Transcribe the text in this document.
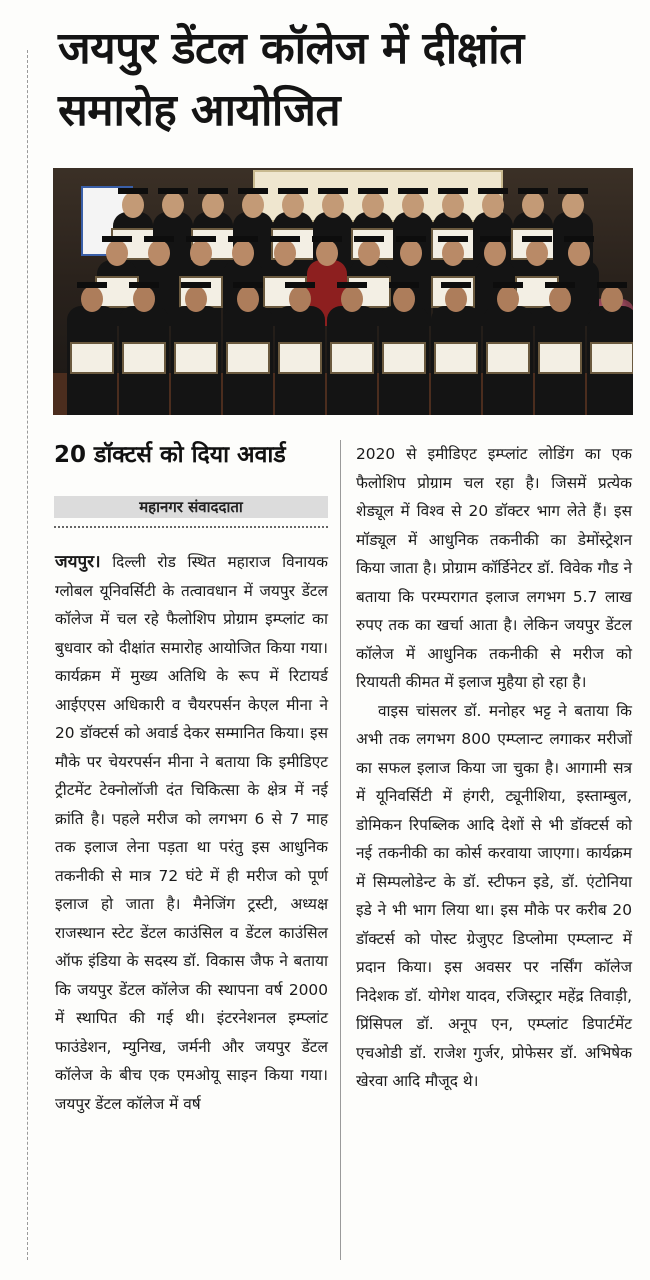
जयपुर डेंटल कॉलेज में दीक्षांत
समारोह आयोजित
20 डॉक्टर्स को दिया अवार्ड
महानगर संवाददाता

जयपुर। दिल्ली रोड स्थित महाराज विनायक ग्लोबल यूनिवर्सिटी के तत्वावधान में जयपुर डेंटल कॉलेज में चल रहे फैलोशिप प्रोग्राम इम्प्लांट का बुधवार को दीक्षांत समारोह आयोजित किया गया। कार्यक्रम में मुख्य अतिथि के रूप में रिटायर्ड आईएएस अधिकारी व चैयरपर्सन केएल मीना ने 20 डॉक्टर्स को अवार्ड देकर सम्मानित किया। इस मौके पर चेयरपर्सन मीना ने बताया कि इमीडिएट ट्रीटमेंट टेक्नोलॉजी दंत चिकित्सा के क्षेत्र में नई क्रांति है। पहले मरीज को लगभग 6 से 7 माह तक इलाज लेना पड़ता था परंतु इस आधुनिक तकनीकी से मात्र 72 घंटे में ही मरीज को पूर्ण इलाज हो जाता है। मैनेजिंग ट्रस्टी, अध्यक्ष राजस्थान स्टेट डेंटल काउंसिल व डेंटल काउंसिल ऑफ इंडिया के सदस्य डॉ. विकास जैफ ने बताया कि जयपुर डेंटल कॉलेज की स्थापना वर्ष 2000 में स्थापित की गई थी। इंटरनेशनल इम्प्लांट फाउंडेशन, म्युनिख, जर्मनी और जयपुर डेंटल कॉलेज के बीच एक एमओयू साइन किया गया। जयपुर डेंटल कॉलेज में वर्ष

2020 से इमीडिएट इम्प्लांट लोडिंग का एक फैलोशिप प्रोग्राम चल रहा है। जिसमें प्रत्येक शेड्यूल में विश्व से 20 डॉक्टर भाग लेते हैं। इस मॉड्यूल में आधुनिक तकनीकी का डेमोंस्ट्रेशन किया जाता है। प्रोग्राम कॉर्डिनेटर डॉ. विवेक गौड ने बताया कि परम्परागत इलाज लगभग 5.7 लाख रुपए तक का खर्चा आता है। लेकिन जयपुर डेंटल कॉलेज में आधुनिक तकनीकी से मरीज को रियायती कीमत में इलाज मुहैया हो रहा है।

वाइस चांसलर डॉ. मनोहर भट्ट ने बताया कि अभी तक लगभग 800 एम्प्लान्ट लगाकर मरीजों का सफल इलाज किया जा चुका है। आगामी सत्र में यूनिवर्सिटी में हंगरी, ट्यूनीशिया, इस्ताम्बुल, डोमिकन रिपब्लिक आदि देशों से भी डॉक्टर्स को नई तकनीकी का कोर्स करवाया जाएगा। कार्यक्रम में सिम्पलोडेन्ट के डॉ. स्टीफन इडे, डॉ. एंटोनिया इडे ने भी भाग लिया था। इस मौके पर करीब 20 डॉक्टर्स को पोस्ट ग्रेजुएट डिप्लोमा एम्प्लान्ट में प्रदान किया। इस अवसर पर नर्सिंग कॉलेज निदेशक डॉ. योगेश यादव, रजिस्ट्रार महेंद्र तिवाड़ी, प्रिंसिपल डॉ. अनूप एन, एम्प्लांट डिपार्टमेंट एचओडी डॉ. राजेश गुर्जर, प्रोफेसर डॉ. अभिषेक खेरवा आदि मौजूद थे।
